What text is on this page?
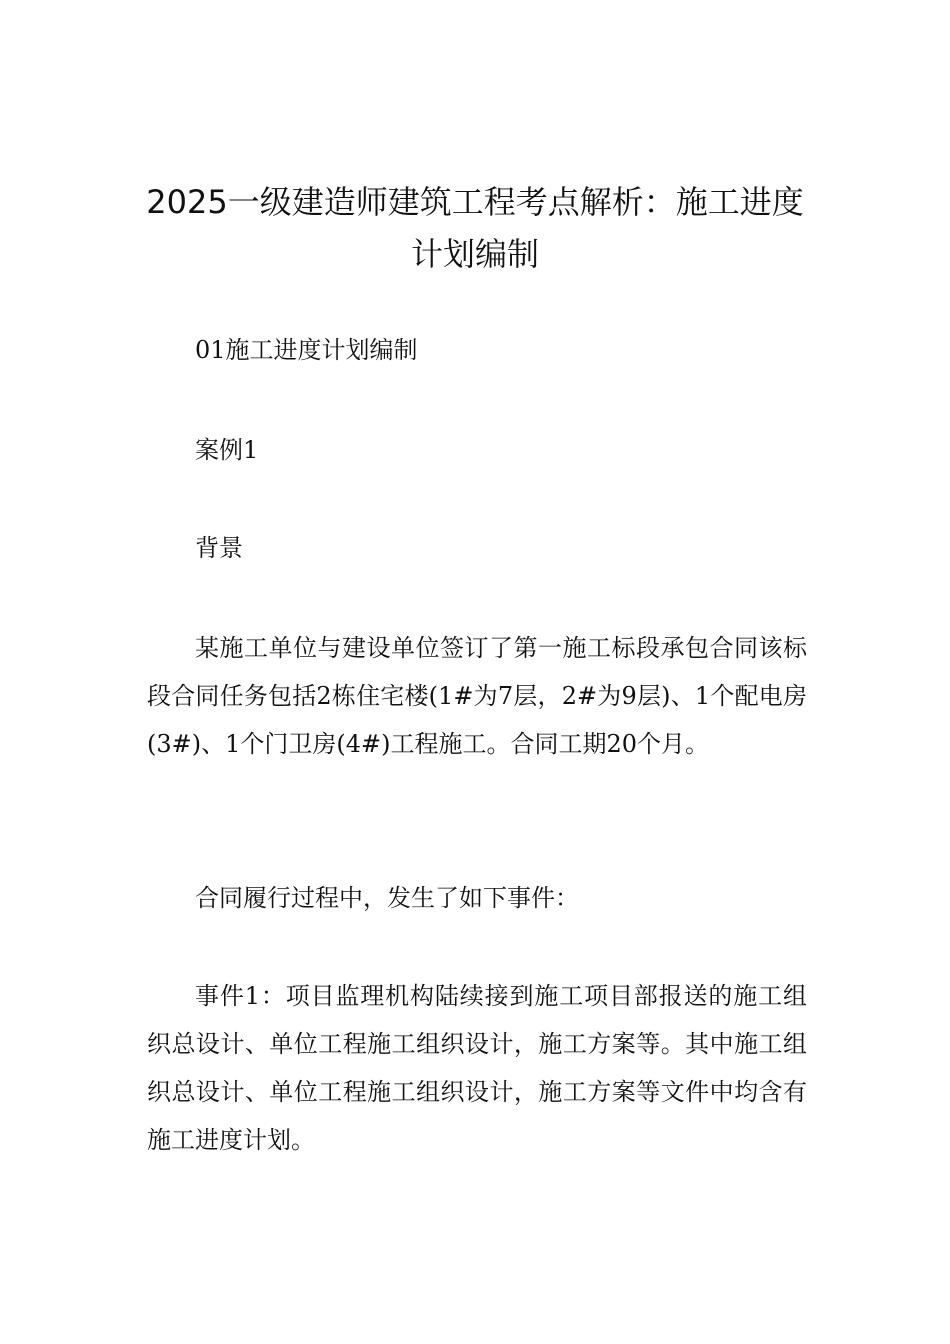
2025一级建造师建筑工程考点解析：施工进度计划编制

01施工进度计划编制

案例1

背景

某施工单位与建设单位签订了第一施工标段承包合同该标段合同任务包括2栋住宅楼(1#为7层，2#为9层)、1个配电房(3#)、1个门卫房(4#)工程施工。合同工期20个月。

合同履行过程中，发生了如下事件：

事件1：项目监理机构陆续接到施工项目部报送的施工组织总设计、单位工程施工组织设计，施工方案等。其中施工组织总设计、单位工程施工组织设计，施工方案等文件中均含有施工进度计划。
